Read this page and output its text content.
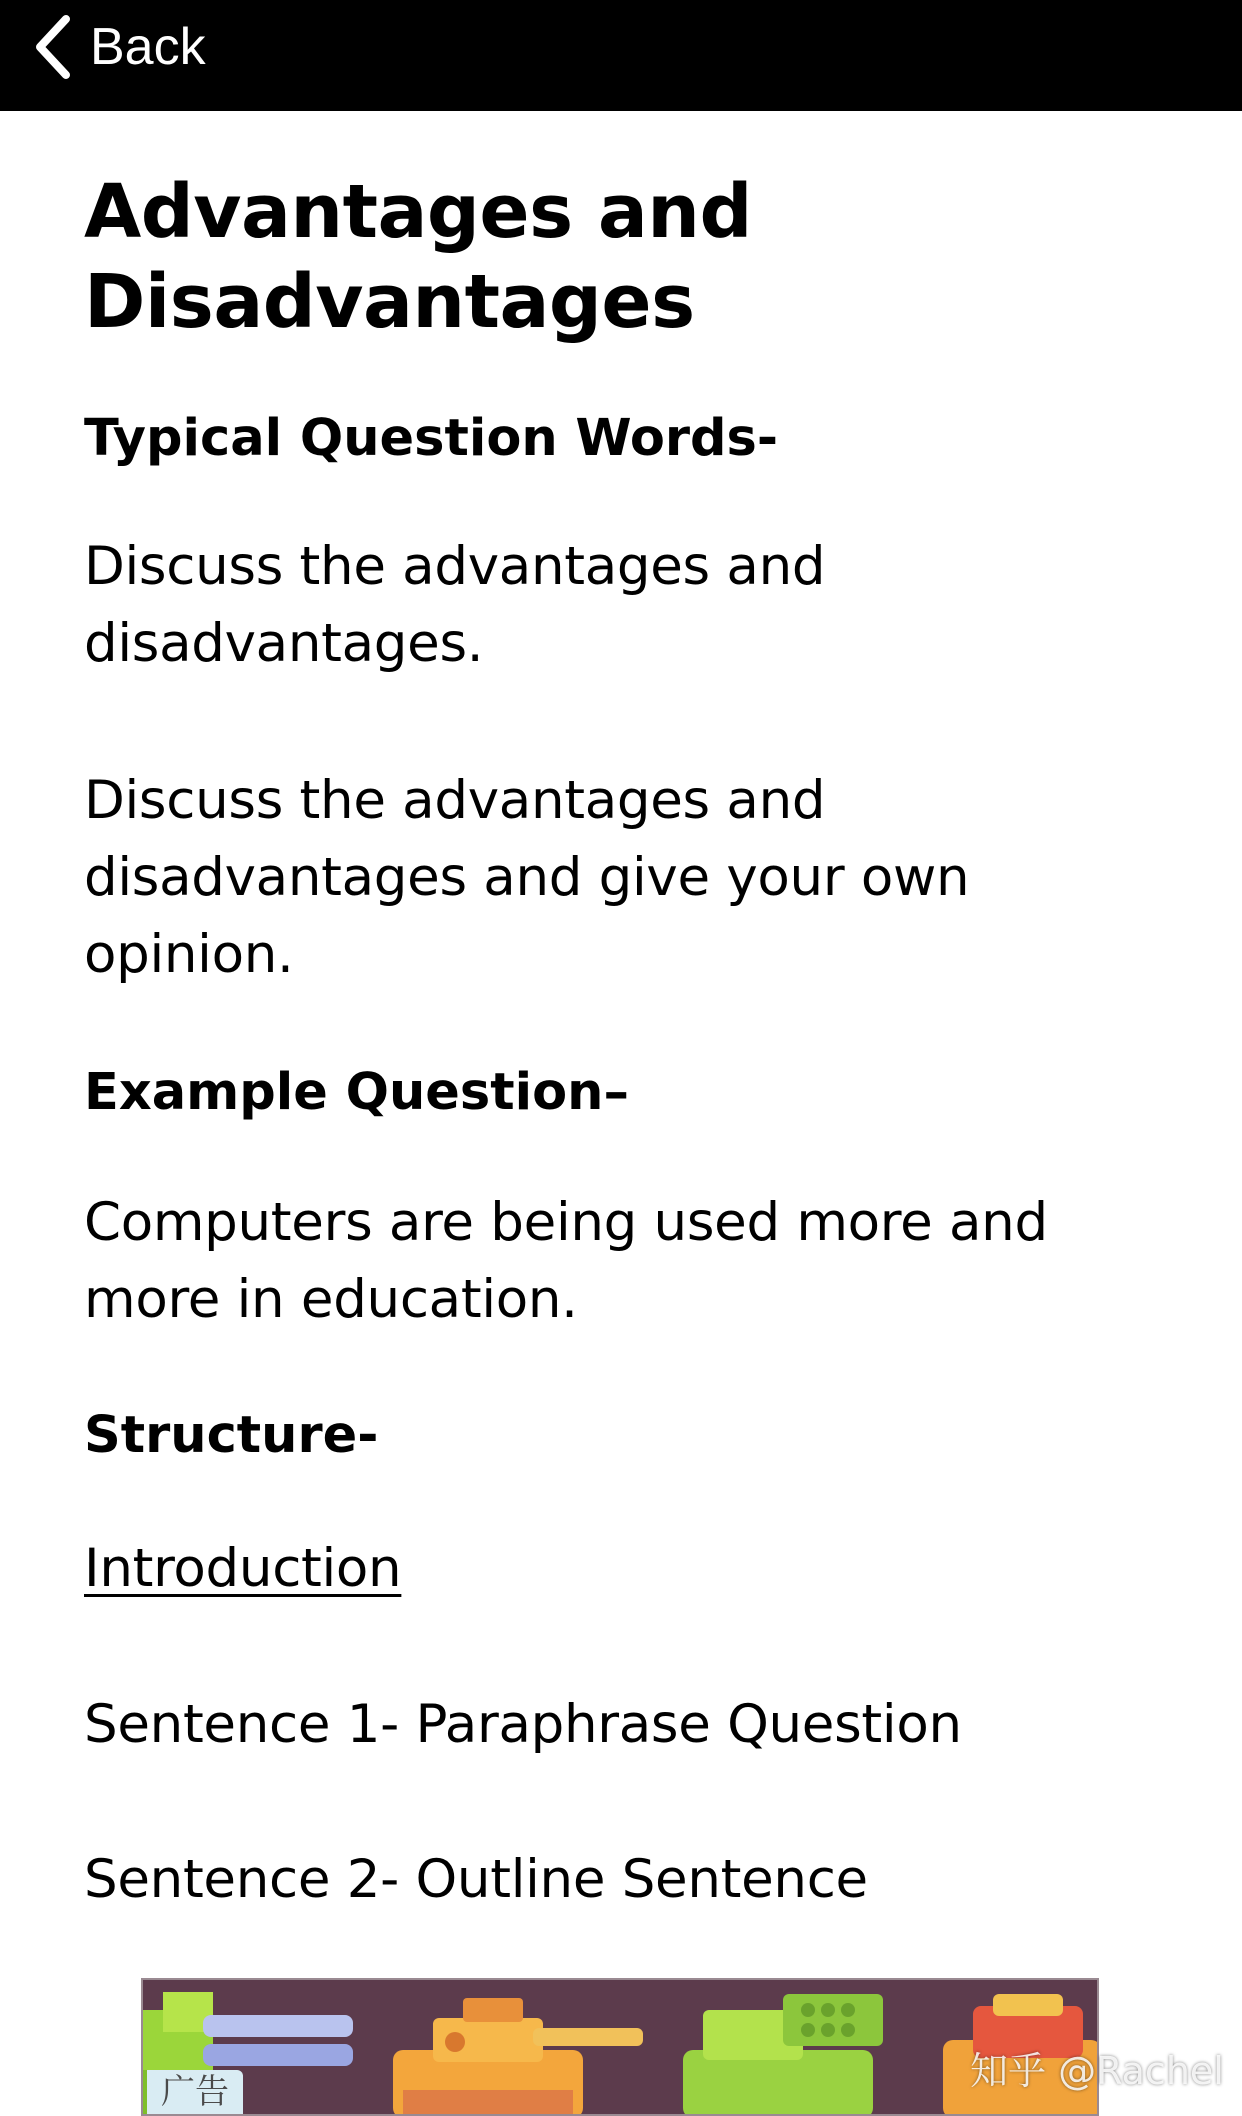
Back
Advantages and
Disadvantages
Typical Question Words-

Discuss the advantages and disadvantages.

Discuss the advantages and disadvantages and give your own opinion.

Example Question–

Computers are being used more and more in education.

Structure-

Introduction

Sentence 1- Paraphrase Question

Sentence 2- Outline Sentence

广告	知乎 @Rachel
